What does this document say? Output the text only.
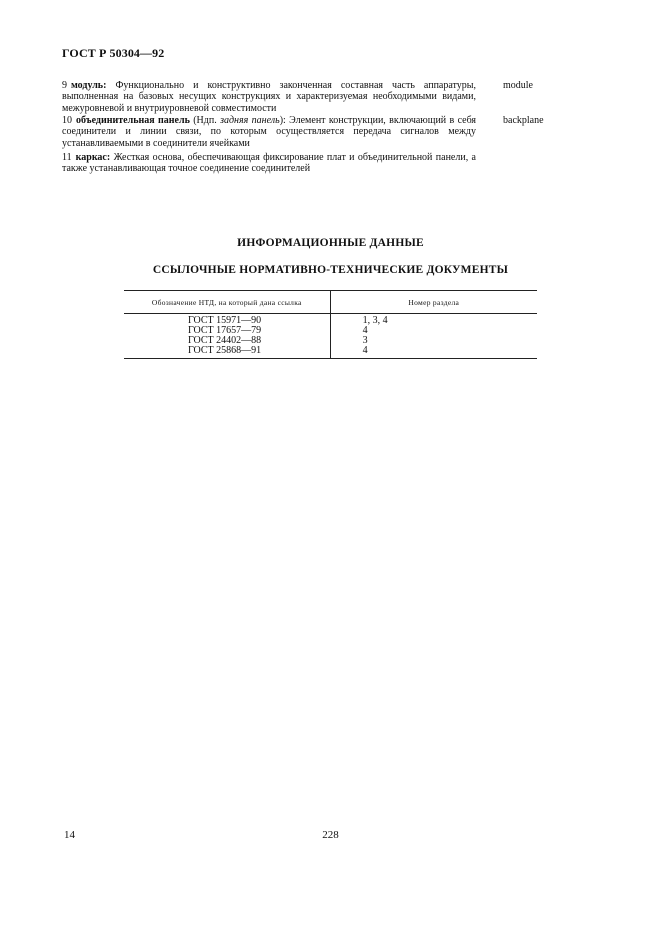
ГОСТ Р 50304—92
9 модуль: Функционально и конструктивно законченная составная часть аппаратуры, выполненная на базовых несущих конструкциях и характеризуемая необходимыми видами, межуровневой и внутриуровневой совместимости
module
10 объединительная панель (Ндп. задняя панель): Элемент конструкции, включающий в себя соединители и линии связи, по которым осуществляется передача сигналов между устанавливаемыми в соединители ячейками
backplane
11 каркас: Жесткая основа, обеспечивающая фиксирование плат и объединительной панели, а также устанавливающая точное соединение соединителей
ИНФОРМАЦИОННЫЕ ДАННЫЕ
ССЫЛОЧНЫЕ НОРМАТИВНО-ТЕХНИЧЕСКИЕ ДОКУМЕНТЫ
Обозначение НТД, на который дана ссылка	Номер раздела
ГОСТ 15971—90	1, 3, 4
ГОСТ 17657—79	4
ГОСТ 24402—88	3
ГОСТ 25868—91	4
14	228
